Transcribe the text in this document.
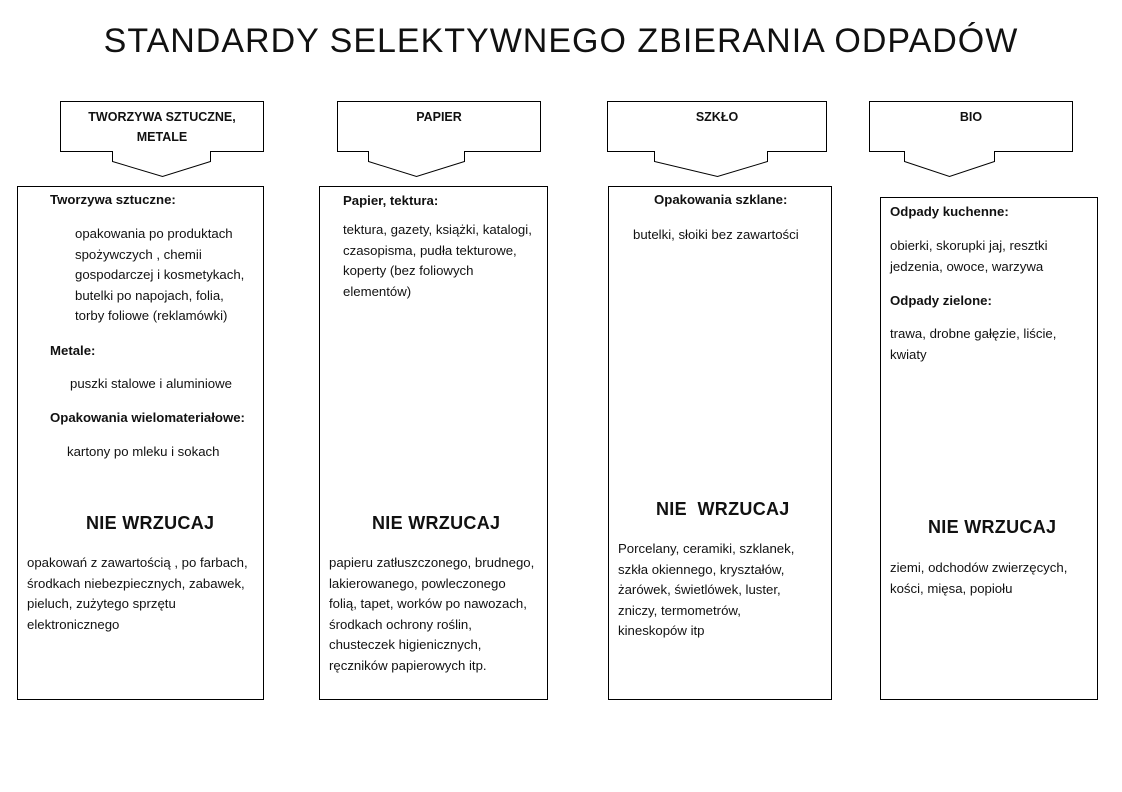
STANDARDY SELEKTYWNEGO ZBIERANIA ODPADÓW
TWORZYWA SZTUCZNE,
METALE
PAPIER	SZKŁO	BIO
Tworzywa sztuczne:
opakowania po produktach
spożywczych , chemii
gospodarczej i kosmetykach,
butelki po napojach, folia,
torby foliowe (reklamówki)
Metale:
puszki stalowe i aluminiowe
Opakowania wielomateriałowe:
kartony po mleku i sokach
NIE WRZUCAJ
opakowań z zawartością , po farbach,
środkach niebezpiecznych, zabawek,
pieluch, zużytego sprzętu
elektronicznego
Papier, tektura:
tektura, gazety, książki, katalogi,
czasopisma, pudła tekturowe,
koperty (bez foliowych
elementów)
NIE WRZUCAJ
papieru zatłuszczonego, brudnego,
lakierowanego, powleczonego
folią, tapet, worków po nawozach,
środkach ochrony roślin,
chusteczek higienicznych,
ręczników papierowych itp.
Opakowania szklane:
butelki, słoiki bez zawartości
NIE  WRZUCAJ
Porcelany, ceramiki, szklanek,
szkła okiennego, kryształów,
żarówek, świetlówek, luster,
zniczy, termometrów,
kineskopów itp
Odpady kuchenne:
obierki, skorupki jaj, resztki
jedzenia, owoce, warzywa
Odpady zielone:
trawa, drobne gałęzie, liście,
kwiaty
NIE WRZUCAJ
ziemi, odchodów zwierzęcych,
kości, mięsa, popiołu
